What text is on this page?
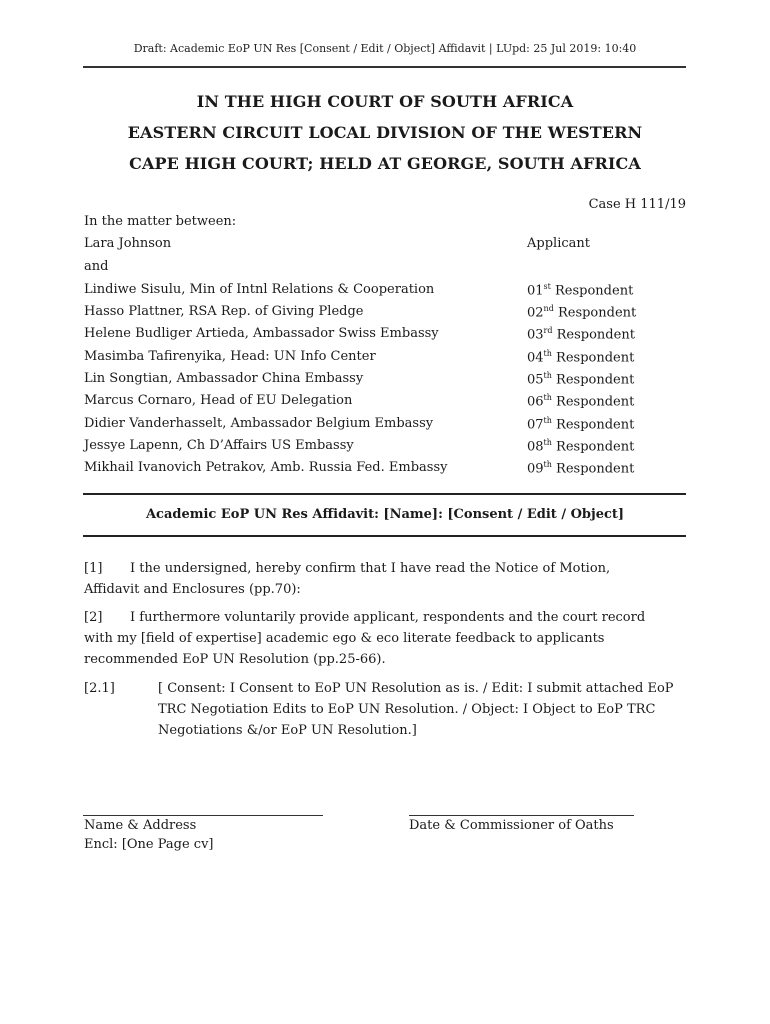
Draft: Academic EoP UN Res [Consent / Edit / Object] Affidavit | LUpd: 25 Jul 2019: 10:40
IN THE HIGH COURT OF SOUTH AFRICA
EASTERN CIRCUIT LOCAL DIVISION OF THE WESTERN
CAPE HIGH COURT; HELD AT GEORGE, SOUTH AFRICA
Case H 111/19
In the matter between:
Lara Johnson	Applicant
and
Lindiwe Sisulu, Min of Intnl Relations & Cooperation	01st Respondent
Hasso Plattner, RSA Rep. of Giving Pledge	02nd Respondent
Helene Budliger Artieda, Ambassador Swiss Embassy	03rd Respondent
Masimba Tafirenyika, Head: UN Info Center	04th Respondent
Lin Songtian, Ambassador China Embassy	05th Respondent
Marcus Cornaro, Head of EU Delegation	06th Respondent
Didier Vanderhasselt, Ambassador Belgium Embassy	07th Respondent
Jessye Lapenn, Ch D’Affairs US Embassy	08th Respondent
Mikhail Ivanovich Petrakov, Amb. Russia Fed. Embassy	09th Respondent
Academic EoP UN Res Affidavit: [Name]: [Consent / Edit / Object]
[1] I the undersigned, hereby confirm that I have read the Notice of Motion, Affidavit and Enclosures (pp.70):
[2] I furthermore voluntarily provide applicant, respondents and the court record with my [field of expertise] academic ego & eco literate feedback to applicants recommended EoP UN Resolution (pp.25-66).
[2.1]	[ Consent: I Consent to EoP UN Resolution as is. / Edit: I submit attached EoP TRC Negotiation Edits to EoP UN Resolution. / Object: I Object to EoP TRC Negotiations &/or EoP UN Resolution.]
Name & Address	Date & Commissioner of Oaths
Encl: [One Page cv]
